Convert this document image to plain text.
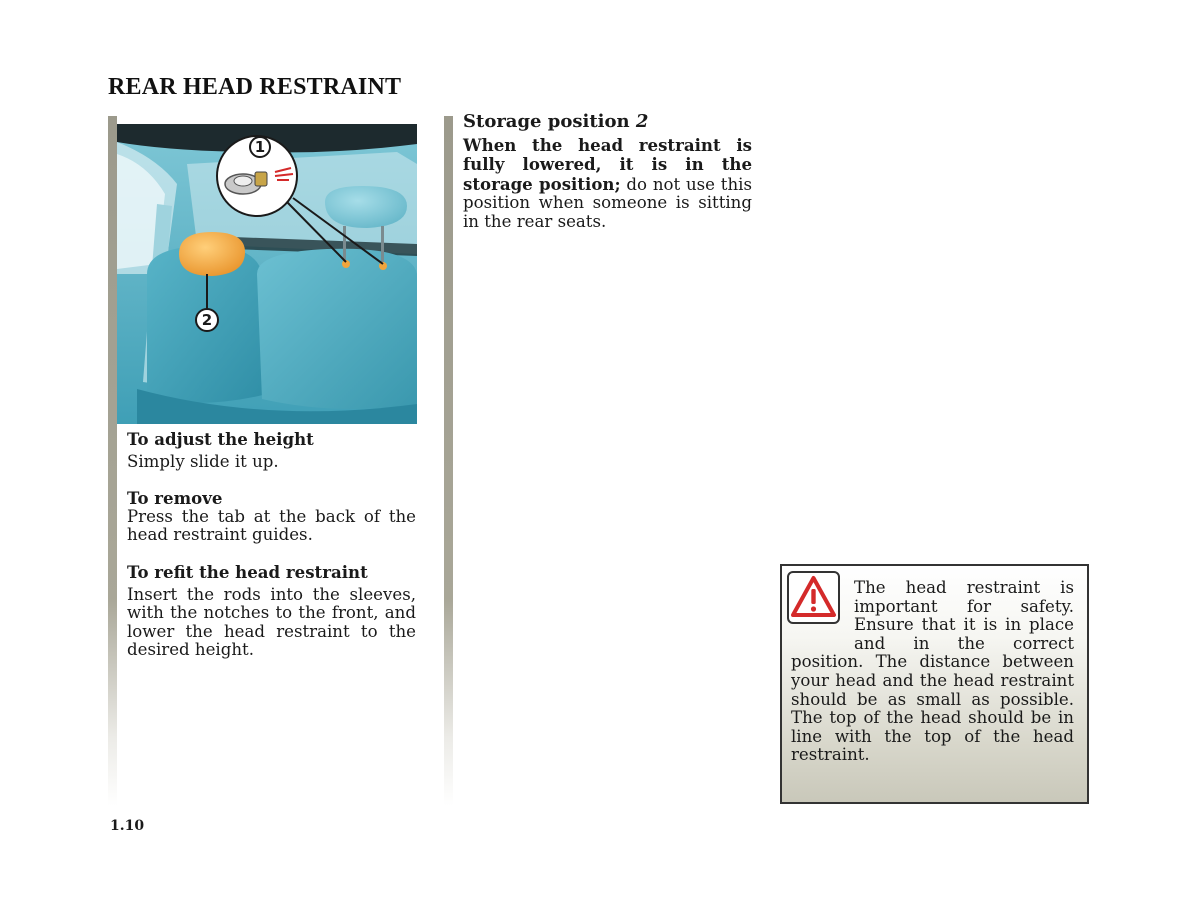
REAR HEAD RESTRAINT
1
2

To adjust the height

Simply slide it up.

To remove

Press the tab at the back of the head restraint guides.

To refit the head restraint

Insert the rods into the sleeves, with the notches to the front, and lower the head restraint to the desired height.

Storage position 2

When the head restraint is fully lowered, it is in the storage position; do not use this position when someone is sitting in the rear seats.

The head restraint is important for safety. Ensure that it is in place and in the correct position. The distance between your head and the head restraint should be as small as possible. The top of the head should be in line with the top of the head restraint.

1.10
